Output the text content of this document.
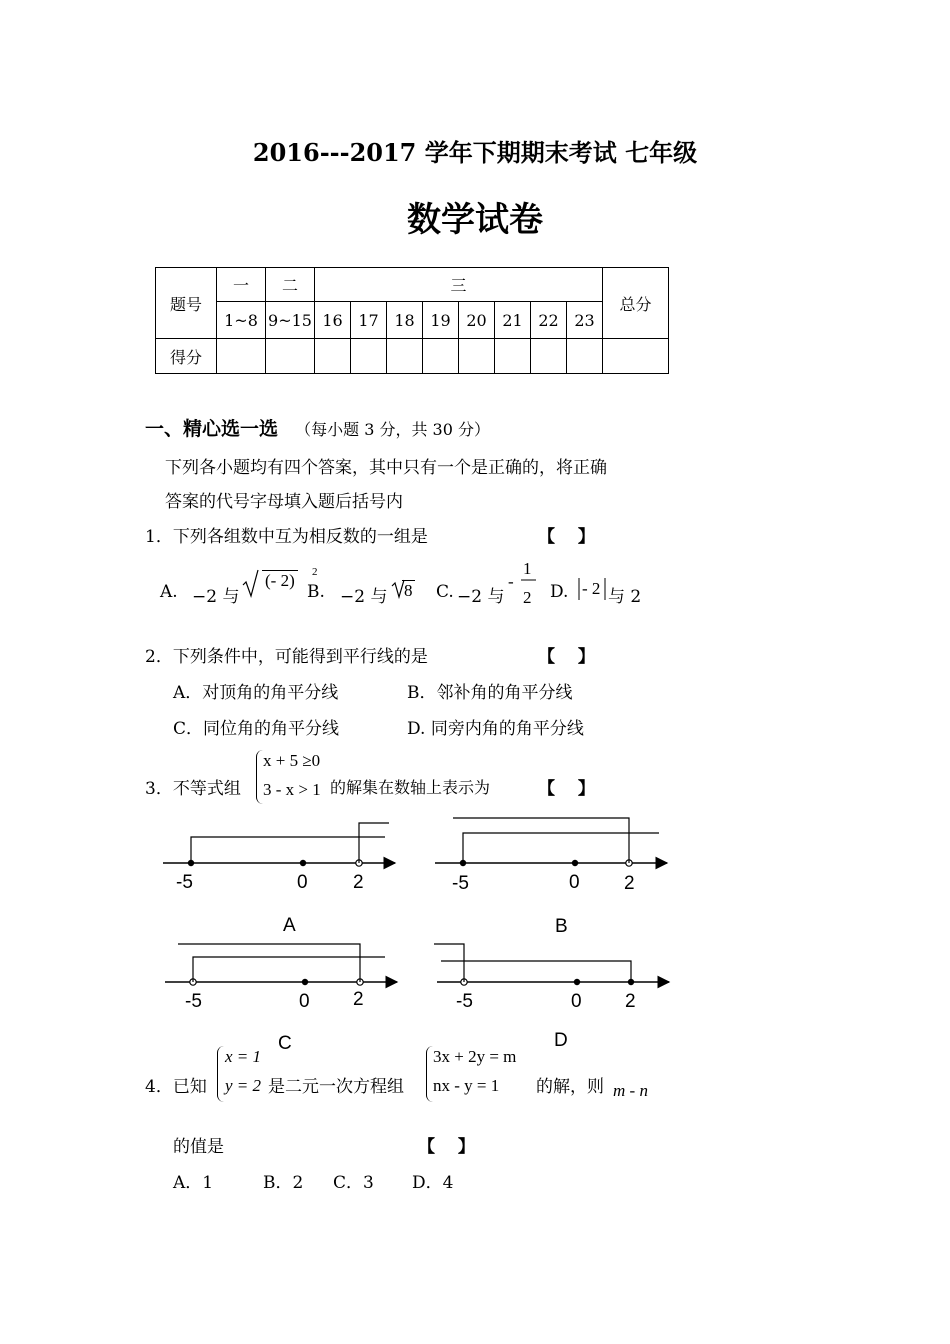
2016---2017 学年下期期末考试 七年级
数学试卷
题号	一	二	三								总分
	1~8	9~15	16	17	18	19	20	21	22	23	
得分											
一、精心选一选 （每小题 3 分，共 30 分）
下列各小题均有四个答案，其中只有一个是正确的，将正确
答案的代号字母填入题后括号内
1．下列各组数中互为相反数的一组是	【　 】
A. −2 与
(- 2) 2
B. −2 与 8 C. −2 与
-
1
2 D. - 2 与 2
2．下列条件中，可能得到平行线的是	【　 】
A．对顶角的角平分线	B．邻补角的角平分线
C．同位角的角平分线	D. 同旁内角的角平分线
3．不等式组
x + 5 ≥0
3 - x > 1 的解集在数轴上表示为	【　 】
-5	0 2
A
-5	0 2
B
-5	0 2
C
-5	0 2
D
4．已知
x = 1
y = 2 是二元一次方程组
3x + 2y = m
nx - y = 1 的解，则 m - n
的值是	【　 】
A．1	B．2 C．3 D．4
